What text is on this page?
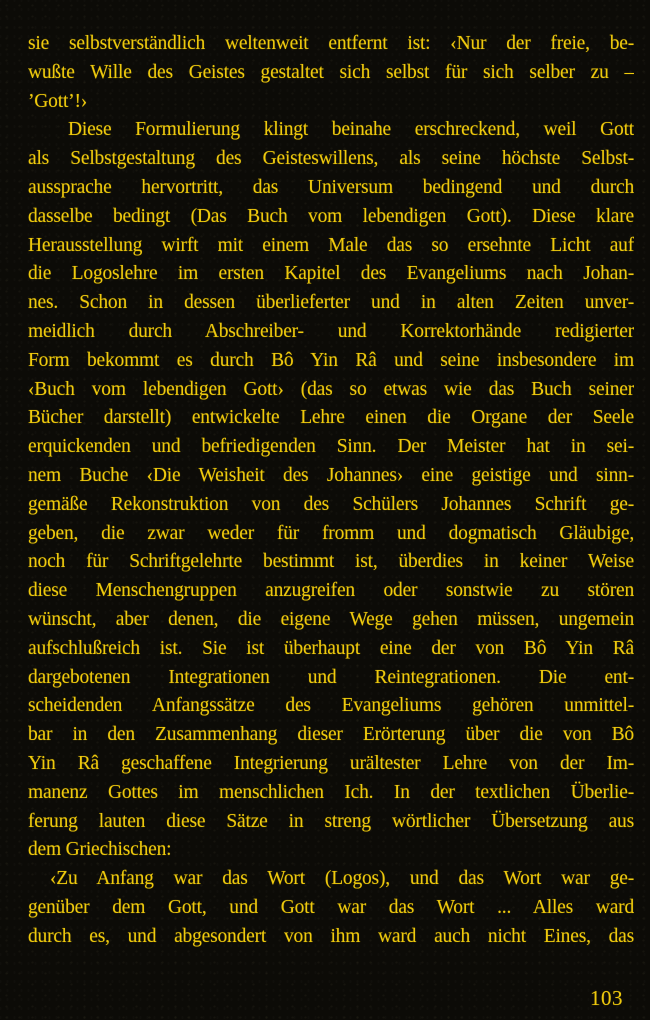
sie selbstverständlich weltenweit entfernt ist: ‹Nur der freie, be-
wußte Wille des Geistes gestaltet sich selbst für sich selber zu –
’Gott’!›
Diese Formulierung klingt beinahe erschreckend, weil Gott
als Selbstgestaltung des Geisteswillens, als seine höchste Selbst-
aussprache hervortritt, das Universum bedingend und durch
dasselbe bedingt (Das Buch vom lebendigen Gott). Diese klare
Herausstellung wirft mit einem Male das so ersehnte Licht auf
die Logoslehre im ersten Kapitel des Evangeliums nach Johan-
nes. Schon in dessen überlieferter und in alten Zeiten unver-
meidlich durch Abschreiber- und Korrektorhände redigierter
Form bekommt es durch Bô Yin Râ und seine insbesondere im
‹Buch vom lebendigen Gott› (das so etwas wie das Buch seiner
Bücher darstellt) entwickelte Lehre einen die Organe der Seele
erquickenden und befriedigenden Sinn. Der Meister hat in sei-
nem Buche ‹Die Weisheit des Johannes› eine geistige und sinn-
gemäße Rekonstruktion von des Schülers Johannes Schrift ge-
geben, die zwar weder für fromm und dogmatisch Gläubige,
noch für Schriftgelehrte bestimmt ist, überdies in keiner Weise
diese Menschengruppen anzugreifen oder sonstwie zu stören
wünscht, aber denen, die eigene Wege gehen müssen, ungemein
aufschlußreich ist. Sie ist überhaupt eine der von Bô Yin Râ
dargebotenen Integrationen und Reintegrationen. Die ent-
scheidenden Anfangssätze des Evangeliums gehören unmittel-
bar in den Zusammenhang dieser Erörterung über die von Bô
Yin Râ geschaffene Integrierung urältester Lehre von der Im-
manenz Gottes im menschlichen Ich. In der textlichen Überlie-
ferung lauten diese Sätze in streng wörtlicher Übersetzung aus
dem Griechischen:
‹Zu Anfang war das Wort (Logos), und das Wort war ge-
genüber dem Gott, und Gott war das Wort ... Alles ward
durch es, und abgesondert von ihm ward auch nicht Eines, das
103
